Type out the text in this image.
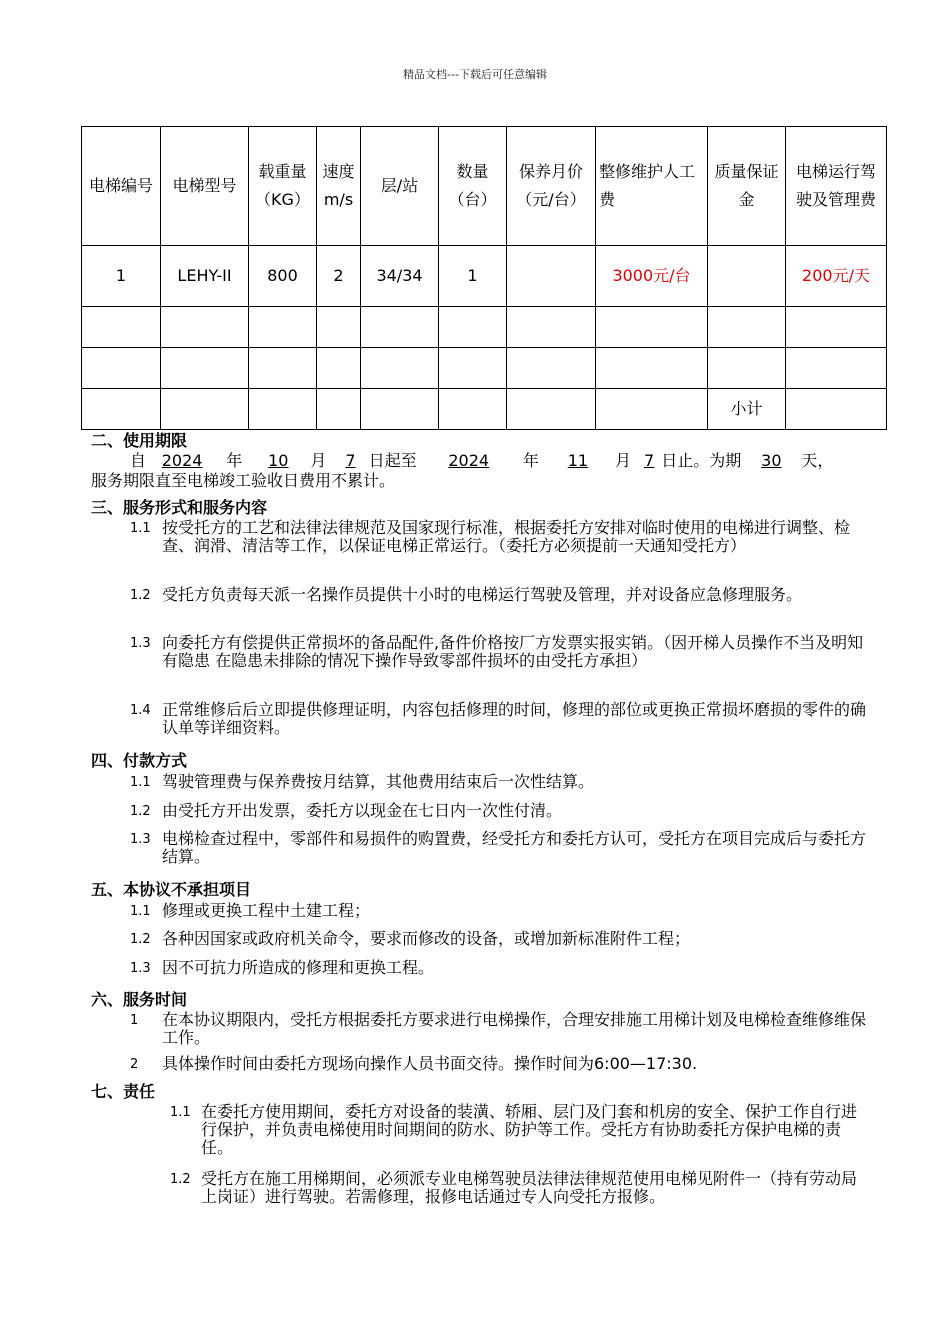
精品文档---下载后可任意编辑
电梯编号	电梯型号	载重量（KG）	速度m/s	层/站	数量（台）	保养月价（元/台）	整修维护人工费	质量保证金	电梯运行驾驶及管理费
1	LEHY-II	800	2	34/34	1		3000元/台		200元/天

								小计	
二、使用期限
自 2024 年 10 月 7 日起至 2024 年 11 月 7 日止。为期 30 天，
服务期限直至电梯竣工验收日费用不累计。
三、服务形式和服务内容
1.1 按受托方的工艺和法律法律规范及国家现行标准，根据委托方安排对临时使用的电梯进行调整、检查、润滑、清洁等工作，以保证电梯正常运行。（委托方必须提前一天通知受托方）
1.2 受托方负责每天派一名操作员提供十小时的电梯运行驾驶及管理，并对设备应急修理服务。
1.3 向委托方有偿提供正常损坏的备品配件,备件价格按厂方发票实报实销。（因开梯人员操作不当及明知有隐患 在隐患未排除的情况下操作导致零部件损坏的由受托方承担）
1.4 正常维修后后立即提供修理证明，内容包括修理的时间，修理的部位或更换正常损坏磨损的零件的确认单等详细资料。
四、付款方式
1.1 驾驶管理费与保养费按月结算，其他费用结束后一次性结算。
1.2 由受托方开出发票，委托方以现金在七日内一次性付清。
1.3 电梯检查过程中，零部件和易损件的购置费，经受托方和委托方认可，受托方在项目完成后与委托方结算。
五、本协议不承担项目
1.1 修理或更换工程中土建工程；
1.2 各种因国家或政府机关命令，要求而修改的设备，或增加新标准附件工程；
1.3 因不可抗力所造成的修理和更换工程。
六、服务时间
1 在本协议期限内，受托方根据委托方要求进行电梯操作，合理安排施工用梯计划及电梯检查维修维保工作。
2 具体操作时间由委托方现场向操作人员书面交待。操作时间为6:00—17:30.
七、责任
1.1 在委托方使用期间，委托方对设备的装潢、轿厢、层门及门套和机房的安全、保护工作自行进行保护，并负责电梯使用时间期间的防水、防护等工作。受托方有协助委托方保护电梯的责任。
1.2 受托方在施工用梯期间，必须派专业电梯驾驶员法律法律规范使用电梯见附件一（持有劳动局上岗证）进行驾驶。若需修理，报修电话通过专人向受托方报修。
